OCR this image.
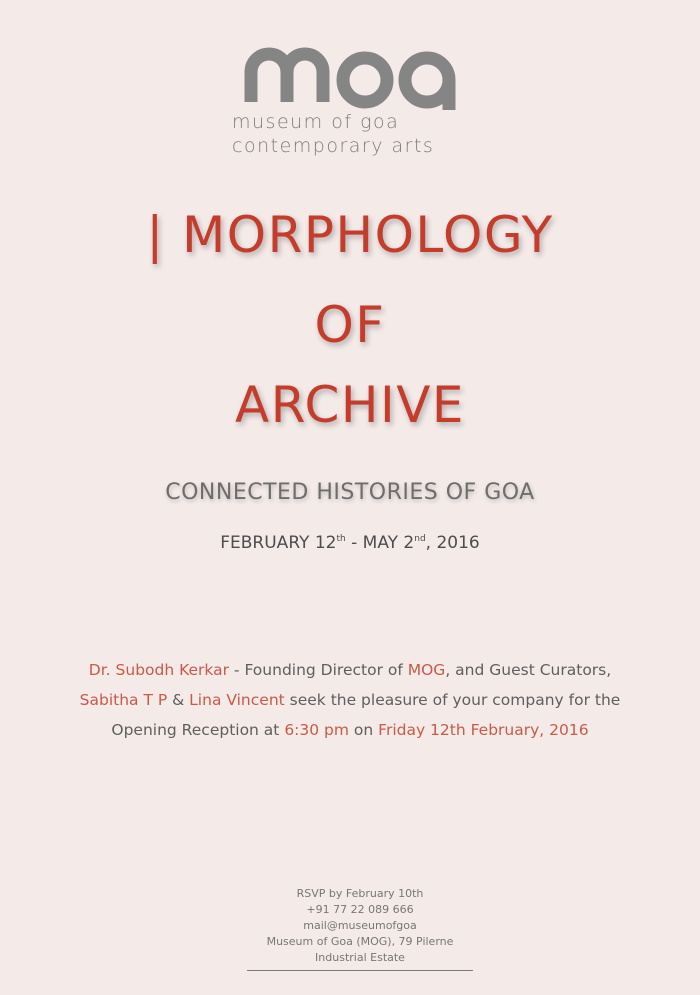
museum of goa
contemporary arts
| MORPHOLOGY
OF
ARCHIVE
CONNECTED HISTORIES OF GOA
FEBRUARY 12th - MAY 2nd, 2016
Dr. Subodh Kerkar - Founding Director of MOG, and Guest Curators,
Sabitha T P & Lina Vincent seek the pleasure of your company for the
Opening Reception at 6:30 pm on Friday 12th February, 2016
RSVP by February 10th
+91 77 22 089 666
mail@museumofgoa
Museum of Goa (MOG), 79 Pilerne
Industrial Estate
